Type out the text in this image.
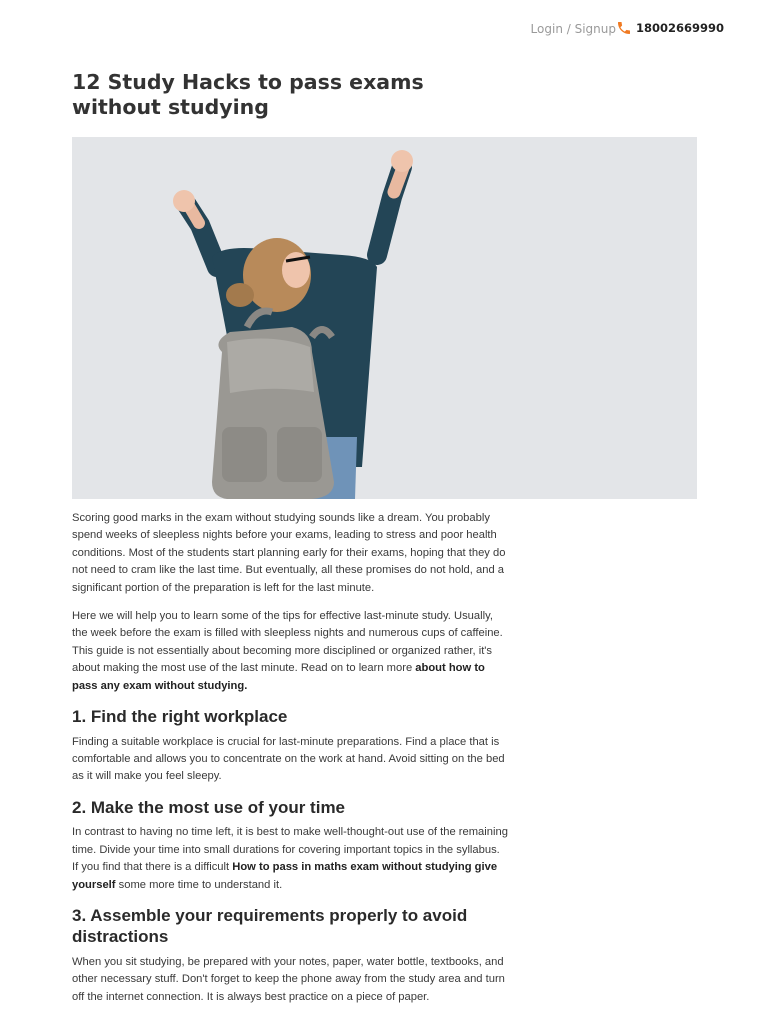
Login / Signup 18002669990
12 Study Hacks to pass exams without studying

Scoring good marks in the exam without studying sounds like a dream. You probably spend weeks of sleepless nights before your exams, leading to stress and poor health conditions. Most of the students start planning early for their exams, hoping that they do not need to cram like the last time. But eventually, all these promises do not hold, and a significant portion of the preparation is left for the last minute.

Here we will help you to learn some of the tips for effective last-minute study. Usually, the week before the exam is filled with sleepless nights and numerous cups of caffeine. This guide is not essentially about becoming more disciplined or organized rather, it's about making the most use of the last minute. Read on to learn more about how to pass any exam without studying.

1. Find the right workplace

Finding a suitable workplace is crucial for last-minute preparations. Find a place that is comfortable and allows you to concentrate on the work at hand. Avoid sitting on the bed as it will make you feel sleepy.

2. Make the most use of your time

In contrast to having no time left, it is best to make well-thought-out use of the remaining time. Divide your time into small durations for covering important topics in the syllabus. If you find that there is a difficult How to pass in maths exam without studying give yourself some more time to understand it.

3. Assemble your requirements properly to avoid distractions

When you sit studying, be prepared with your notes, paper, water bottle, textbooks, and other necessary stuff. Don't forget to keep the phone away from the study area and turn off the internet connection. It is always best practice on a piece of paper.
